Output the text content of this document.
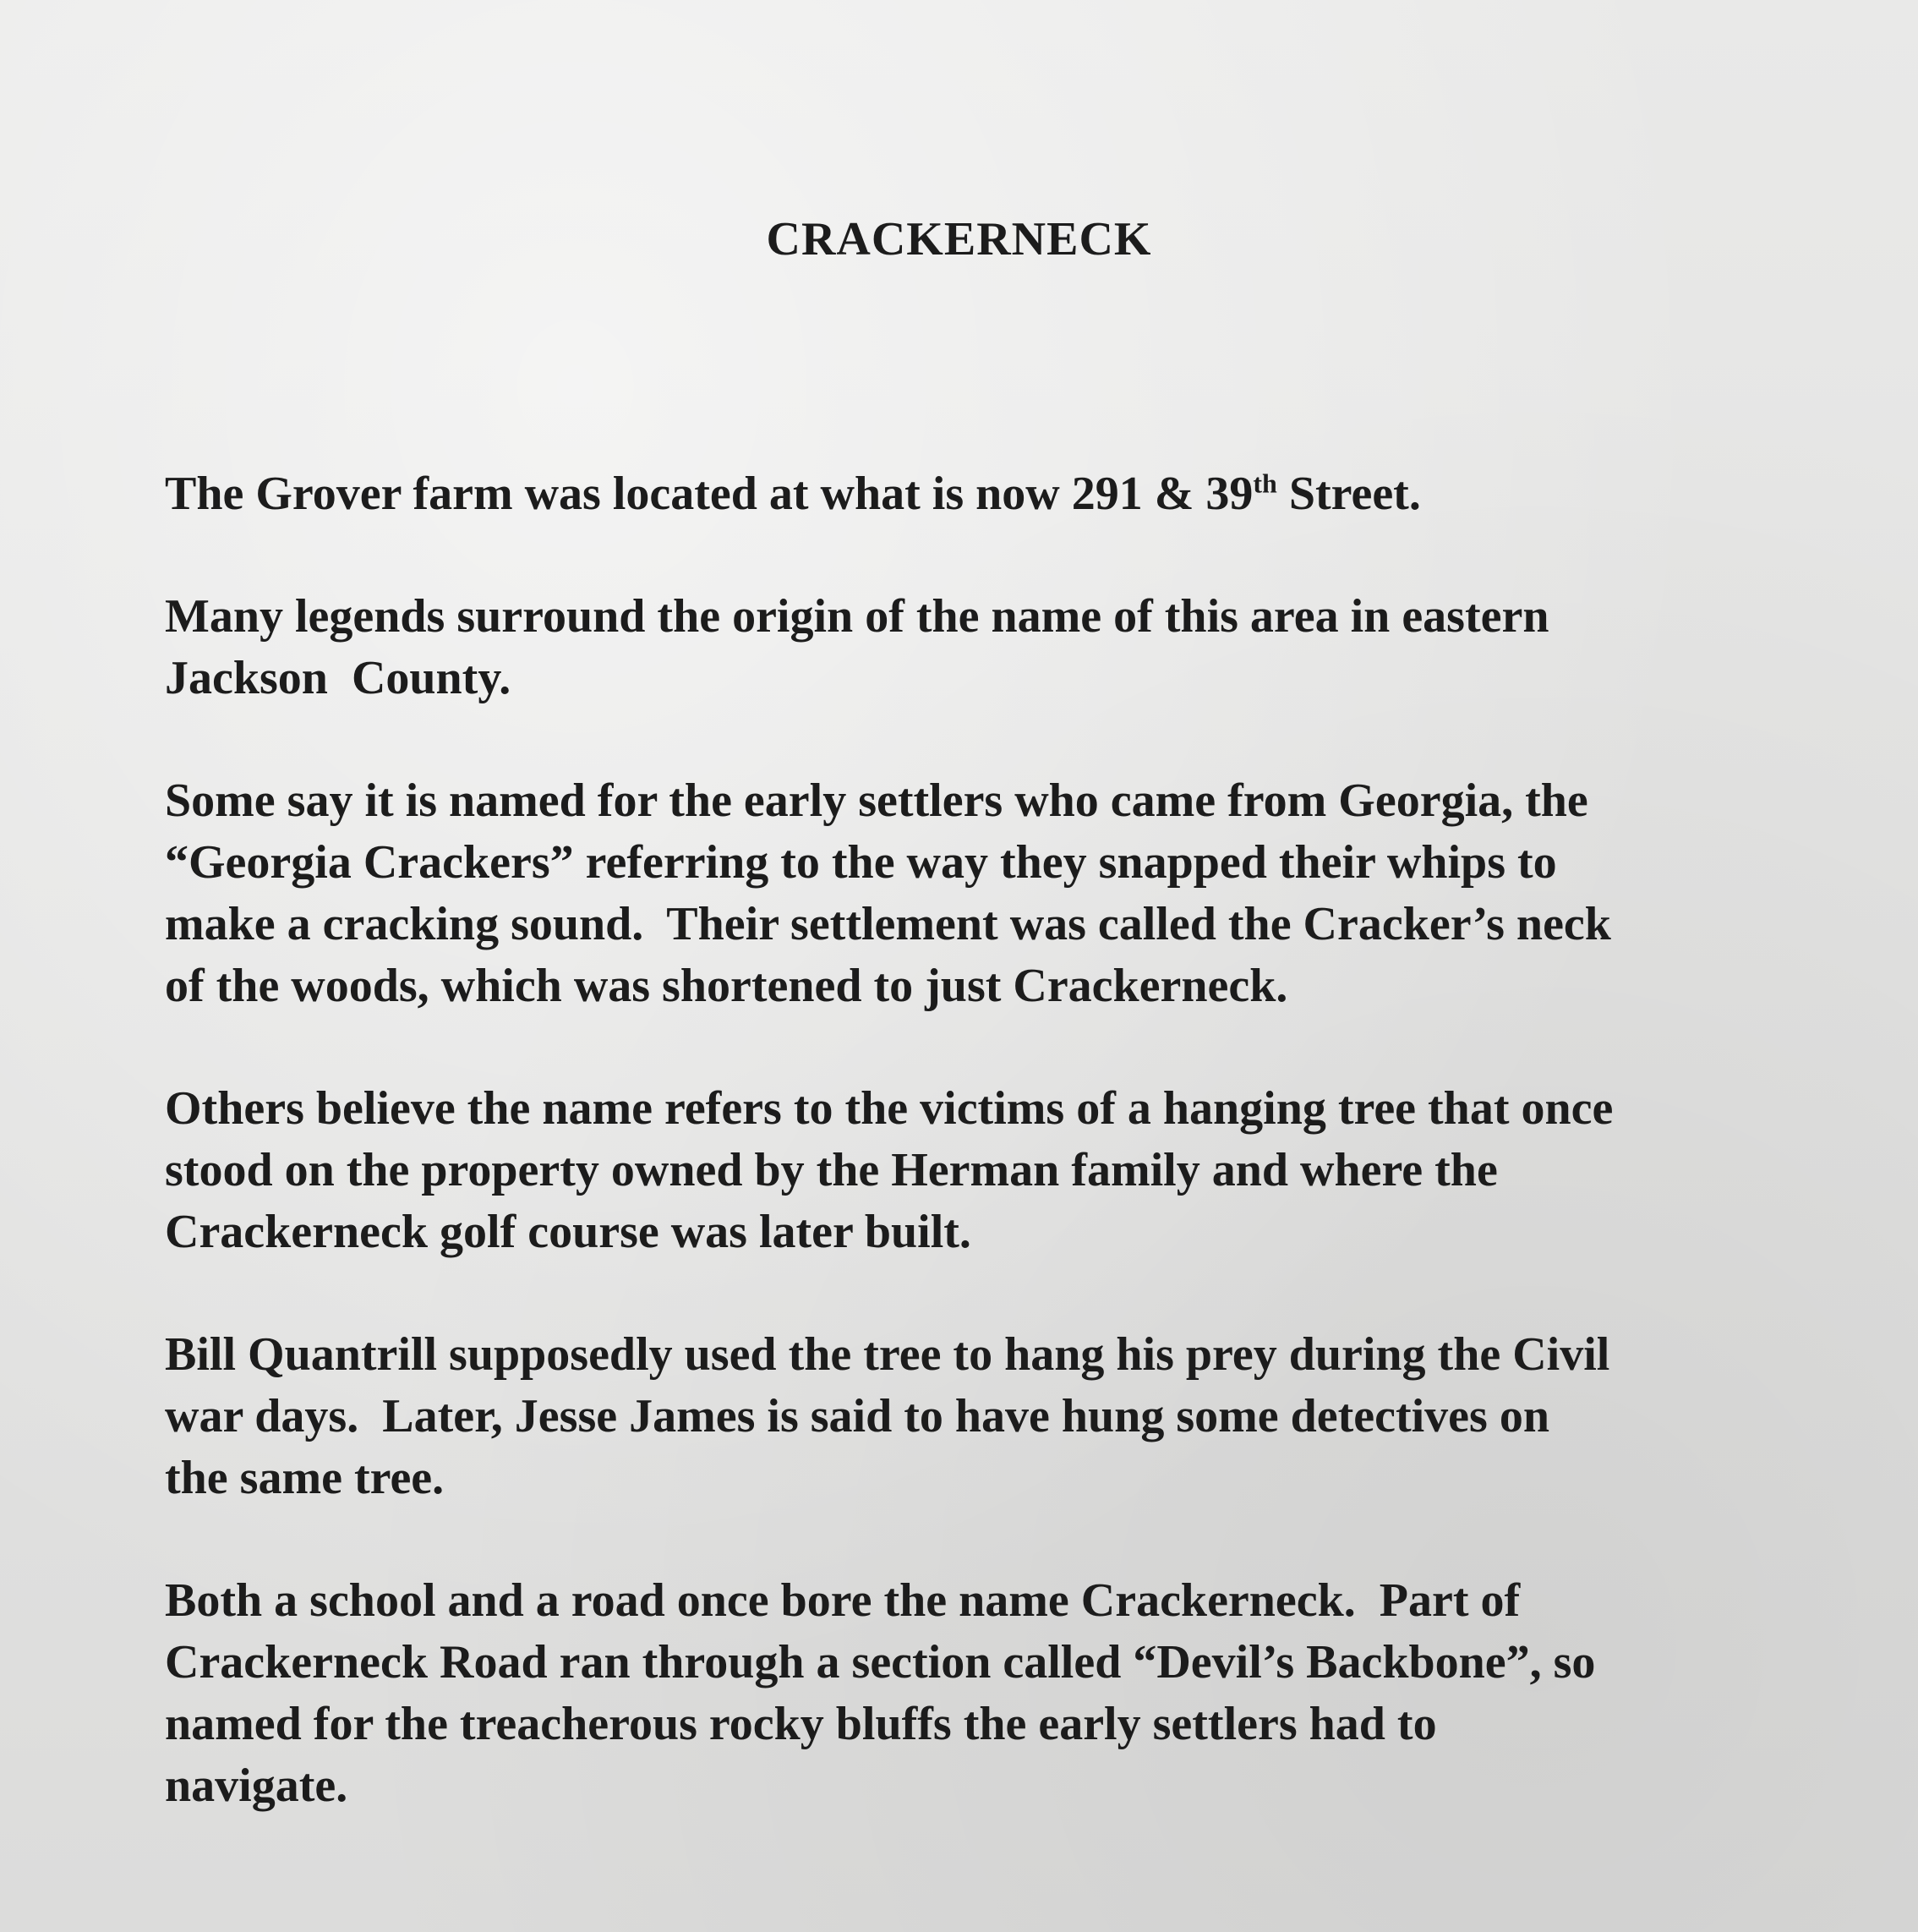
CRACKERNECK

The Grover farm was located at what is now 291 & 39th Street.

Many legends surround the origin of the name of this area in eastern
Jackson  County.

Some say it is named for the early settlers who came from Georgia, the
“Georgia Crackers” referring to the way they snapped their whips to
make a cracking sound.  Their settlement was called the Cracker’s neck
of the woods, which was shortened to just Crackerneck.

Others believe the name refers to the victims of a hanging tree that once
stood on the property owned by the Herman family and where the
Crackerneck golf course was later built.

Bill Quantrill supposedly used the tree to hang his prey during the Civil
war days.  Later, Jesse James is said to have hung some detectives on
the same tree.

Both a school and a road once bore the name Crackerneck.  Part of
Crackerneck Road ran through a section called “Devil’s Backbone”, so
named for the treacherous rocky bluffs the early settlers had to
navigate.
